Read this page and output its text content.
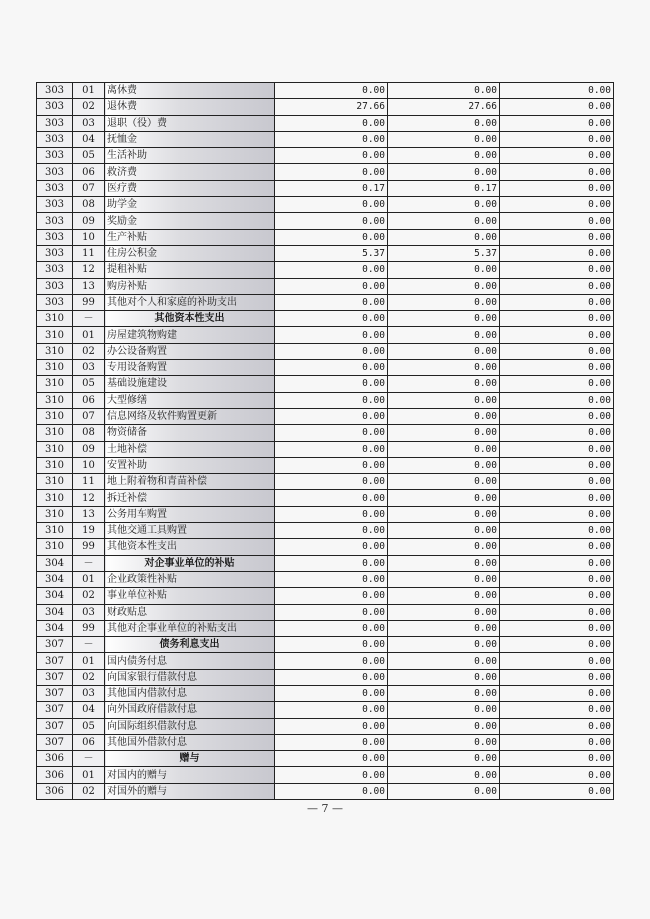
303	01	离休费	0.00	0.00	0.00
303	02	退休费	27.66	27.66	0.00
303	03	退职（役）费	0.00	0.00	0.00
303	04	抚恤金	0.00	0.00	0.00
303	05	生活补助	0.00	0.00	0.00
303	06	救济费	0.00	0.00	0.00
303	07	医疗费	0.17	0.17	0.00
303	08	助学金	0.00	0.00	0.00
303	09	奖励金	0.00	0.00	0.00
303	10	生产补贴	0.00	0.00	0.00
303	11	住房公积金	5.37	5.37	0.00
303	12	提租补贴	0.00	0.00	0.00
303	13	购房补贴	0.00	0.00	0.00
303	99	其他对个人和家庭的补助支出	0.00	0.00	0.00
310	－	其他资本性支出	0.00	0.00	0.00
310	01	房屋建筑物购建	0.00	0.00	0.00
310	02	办公设备购置	0.00	0.00	0.00
310	03	专用设备购置	0.00	0.00	0.00
310	05	基础设施建设	0.00	0.00	0.00
310	06	大型修缮	0.00	0.00	0.00
310	07	信息网络及软件购置更新	0.00	0.00	0.00
310	08	物资储备	0.00	0.00	0.00
310	09	土地补偿	0.00	0.00	0.00
310	10	安置补助	0.00	0.00	0.00
310	11	地上附着物和青苗补偿	0.00	0.00	0.00
310	12	拆迁补偿	0.00	0.00	0.00
310	13	公务用车购置	0.00	0.00	0.00
310	19	其他交通工具购置	0.00	0.00	0.00
310	99	其他资本性支出	0.00	0.00	0.00
304	－	对企事业单位的补贴	0.00	0.00	0.00
304	01	企业政策性补贴	0.00	0.00	0.00
304	02	事业单位补贴	0.00	0.00	0.00
304	03	财政贴息	0.00	0.00	0.00
304	99	其他对企事业单位的补贴支出	0.00	0.00	0.00
307	－	债务利息支出	0.00	0.00	0.00
307	01	国内债务付息	0.00	0.00	0.00
307	02	向国家银行借款付息	0.00	0.00	0.00
307	03	其他国内借款付息	0.00	0.00	0.00
307	04	向外国政府借款付息	0.00	0.00	0.00
307	05	向国际组织借款付息	0.00	0.00	0.00
307	06	其他国外借款付息	0.00	0.00	0.00
306	－	赠与	0.00	0.00	0.00
306	01	对国内的赠与	0.00	0.00	0.00
306	02	对国外的赠与	0.00	0.00	0.00
— 7 —
